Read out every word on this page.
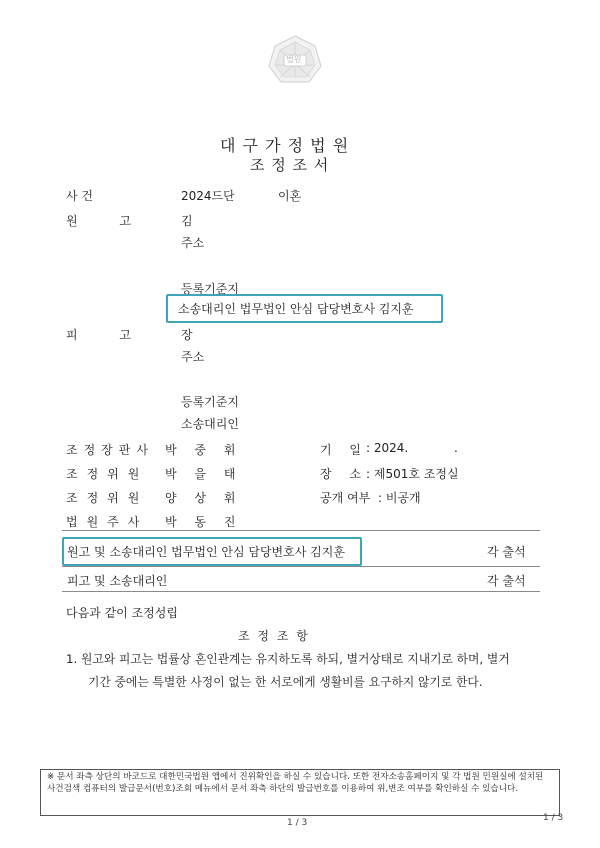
법원
대 구 가 정 법 원
조 정 조 서
사 건	2024드단	이혼
원 고	김
주소
등록기준지
소송대리인 법무법인 안심 담당변호사 김지훈
피 고	장
주소
등록기준지
소송대리인
조정장판사 박 중 휘
조정위원 박 을 태
조정위원 양 상 휘
법원주사 박 동 진
기 일 : 2024.	.
장 소 : 제501호 조정실
공개 여부 : 비공개
원고 및 소송대리인 법무법인 안심 담당변호사 김지훈	각 출석
피고 및 소송대리인	각 출석
다음과 같이 조정성립
조 정 조 항
1. 원고와 피고는 법률상 혼인관계는 유지하도록 하되, 별거상태로 지내기로 하며, 별거
기간 중에는 특별한 사정이 없는 한 서로에게 생활비를 요구하지 않기로 한다.
※ 문서 좌측 상단의 바코드로 대한민국법원 앱에서 진위확인을 하실 수 있습니다. 또한 전자소송홈페이지 및 각 법원 민원실에 설치된 사건검색 컴퓨터의 발급문서(번호)조회 메뉴에서 문서 좌측 하단의 발급번호를 이용하여 위,변조 여부를 확인하실 수 있습니다.
1 / 3	1 / 3
